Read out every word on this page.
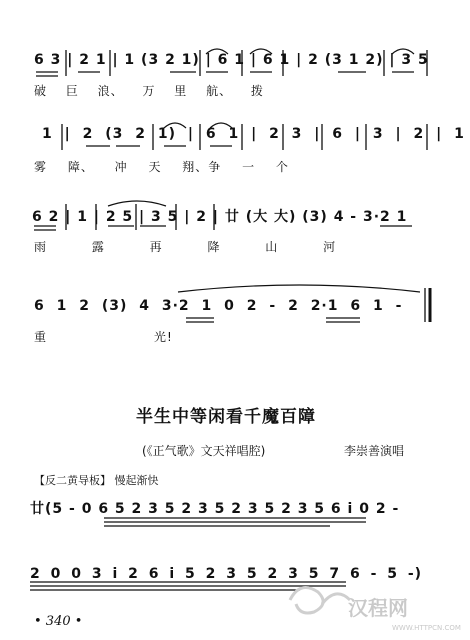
6 3 | 2 1 | 1 (3 2 1) | 6 1 | 6 1 | 2 (3 1 2) | 3 5
破 巨 浪、 万 里 航、 拨
1 | 2 (3 2 1) | 6 1 | 2 3 | 6 | 3 | 2 | 1
雾 障、 冲 天 翔、争 一 个
6 2 | 1 | 2 5 | 3 5 | 2 | 廿 (大 大) (3) 4 - 3·2 1
雨 露 再 降 山 河
6 1 2 (3) 4 3·2 1 0 2 - 2 2·1 6 1 -
重	光!
半生中等闲看千魔百障
(《正气歌》文天祥唱腔)	李崇善演唱
【反二黄导板】 慢起渐快
廿(5 - 0 6 5 2 3 5 2 3 5 2 3 5 2 3 5 6 i 0 2 -
2 0 0 3 i 2 6 i 5 2 3 5 2 3 5 7 6 - 5 -)
• 340 •
汉程网
WWW.HTTPCN.COM
